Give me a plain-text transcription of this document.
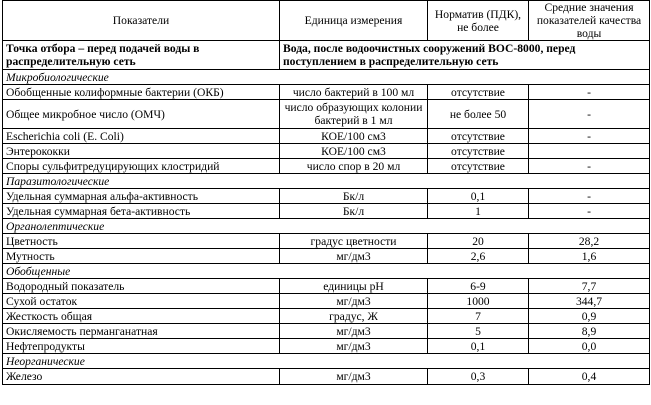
Показатели	Единица измерения	Норматив (ПДК), не более	Средние значения показателей качества воды
Точка отбора – перед подачей воды в распределительную сеть	Вода, после водоочистных сооружений ВОС-8000, перед поступлением в распределительную сеть		
Микробиологические			
Обобщенные колиформные бактерии (ОКБ)	число бактерий в 100 мл	отсутствие	-
Общее микробное число (ОМЧ)	число образующих колонии бактерий в 1 мл	не более 50	-
Escherichia coli (E. Coli)	КОЕ/100 см3	отсутствие	-
Энтерококки	КОЕ/100 см3	отсутствие	
Споры сульфитредуцирующих клостридий	число спор в 20 мл	отсутствие	-
Паразитологические			
Удельная суммарная альфа-активность	Бк/л	0,1	-
Удельная суммарная бета-активность	Бк/л	1	-
Органолептические			
Цветность	градус цветности	20	28,2
Мутность	мг/дм3	2,6	1,6
Обобщенные			
Водородный показатель	единицы рН	6-9	7,7
Сухой остаток	мг/дм3	1000	344,7
Жесткость общая	градус, Ж	7	0,9
Окисляемость перманганатная	мг/дм3	5	8,9
Нефтепродукты	мг/дм3	0,1	0,0
Неорганические			
Железо	мг/дм3	0,3	0,4
